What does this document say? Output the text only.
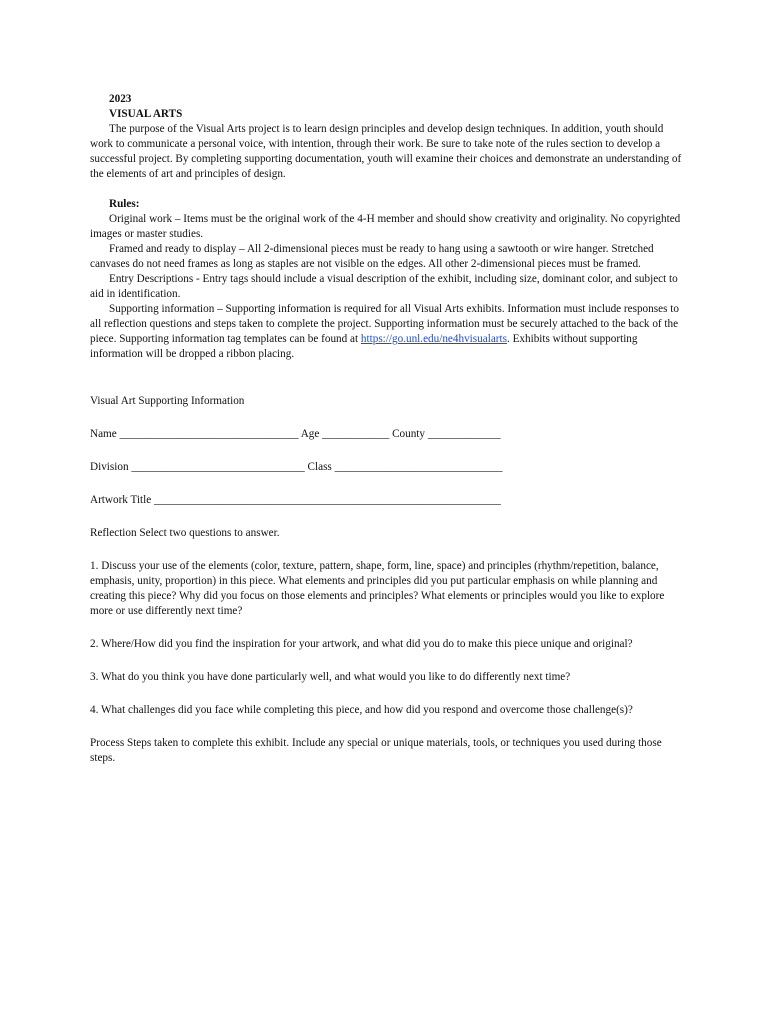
2023

VISUAL ARTS

The purpose of the Visual Arts project is to learn design principles and develop design techniques. In addition, youth should work to communicate a personal voice, with intention, through their work. Be sure to take note of the rules section to develop a successful project. By completing supporting documentation, youth will examine their choices and demonstrate an understanding of the elements of art and principles of design.

Rules:

Original work – Items must be the original work of the 4-H member and should show creativity and originality. No copyrighted images or master studies.

Framed and ready to display – All 2-dimensional pieces must be ready to hang using a sawtooth or wire hanger. Stretched canvases do not need frames as long as staples are not visible on the edges. All other 2-dimensional pieces must be framed.

Entry Descriptions - Entry tags should include a visual description of the exhibit, including size, dominant color, and subject to aid in identification.

Supporting information – Supporting information is required for all Visual Arts exhibits. Information must include responses to all reflection questions and steps taken to complete the project. Supporting information must be securely attached to the back of the piece. Supporting information tag templates can be found at https://go.unl.edu/ne4hvisualarts. Exhibits without supporting information will be dropped a ribbon placing.

Visual Art Supporting Information

Name ________________________________ Age ____________ County _____________

Division _______________________________ Class ______________________________

Artwork Title ______________________________________________________________

Reflection Select two questions to answer.

1. Discuss your use of the elements (color, texture, pattern, shape, form, line, space) and principles (rhythm/repetition, balance, emphasis, unity, proportion) in this piece. What elements and principles did you put particular emphasis on while planning and creating this piece? Why did you focus on those elements and principles? What elements or principles would you like to explore more or use differently next time?

2. Where/How did you find the inspiration for your artwork, and what did you do to make this piece unique and original?

3. What do you think you have done particularly well, and what would you like to do differently next time?

4. What challenges did you face while completing this piece, and how did you respond and overcome those challenge(s)?

Process Steps taken to complete this exhibit. Include any special or unique materials, tools, or techniques you used during those steps.
